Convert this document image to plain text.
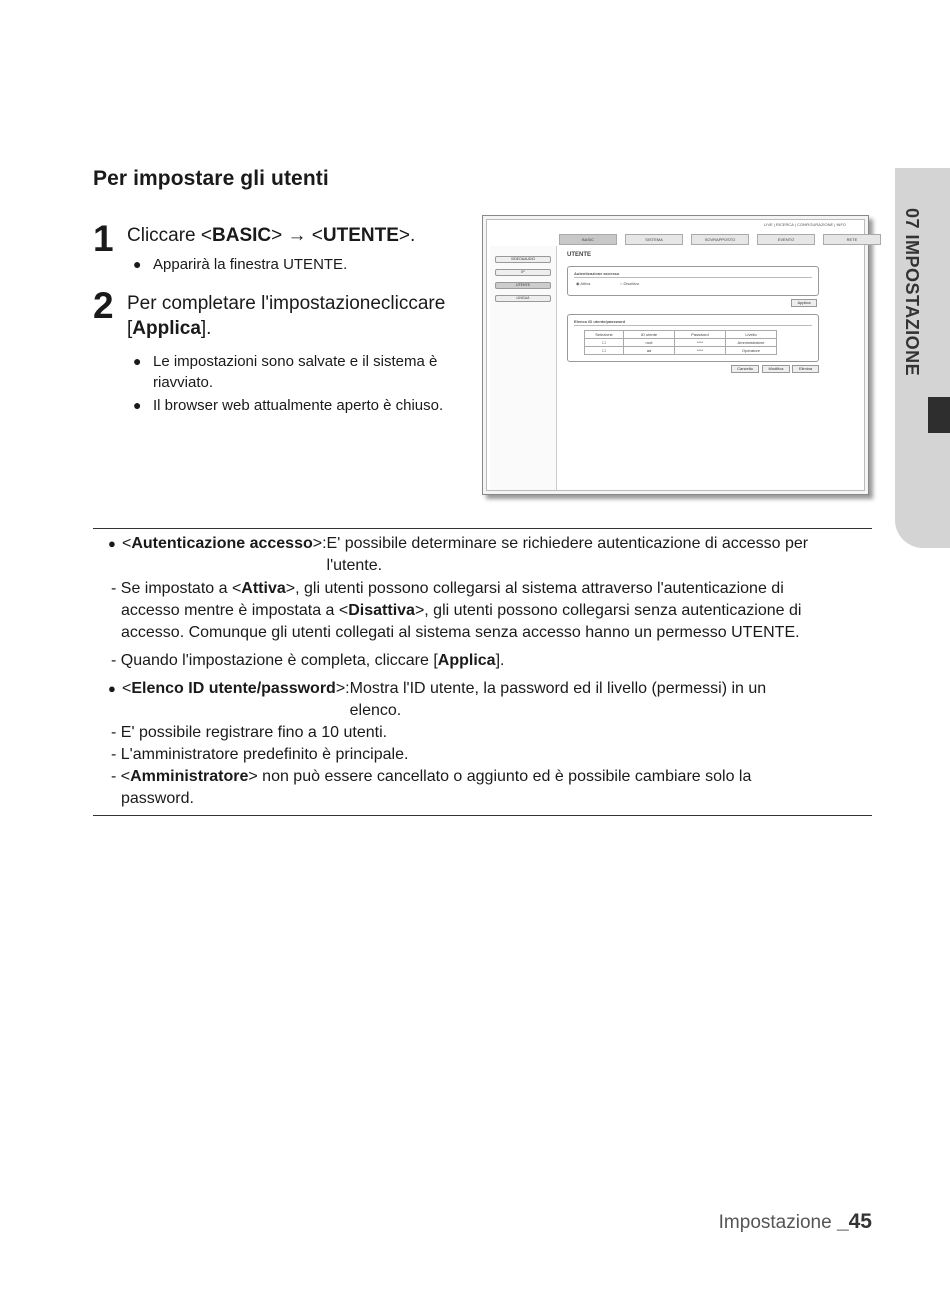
Per impostare gli utenti
1 Cliccare <BASIC> → <UTENTE>.
● Apparirà la finestra UTENTE.
2 Per completare l'impostazionecliccare
[Applica].
● Le impostazioni sono salvate e il sistema è
riavviato.
● Il browser web attualmente aperto è chiuso.
LIVE | RICERCA | CONFIGURAZIONE | INFO
BASIC	SISTEMA	SOVRAPPOSTO	EVENTO	RETE
VIDEO&AUDIO
IP
UTENTE
LINGUA
UTENTE
Autenticazione accesso
◉ Attiva	○ Disattiva
Applica
Elenco ID utente/password
Selezione	ID utente	Password	Livello
☐	root	****	Amministratore
☐	ad	****	Operatore
Cancella	Modifica	Elimina	07 IMPOSTAZIONE
● <Autenticazione accesso>: E' possibile determinare se richiedere autenticazione di accesso per
l'utente.
- Se impostato a <Attiva>, gli utenti possono collegarsi al sistema attraverso l'autenticazione di
accesso mentre è impostata a <Disattiva>, gli utenti possono collegarsi senza autenticazione di
accesso. Comunque gli utenti collegati al sistema senza accesso hanno un permesso UTENTE.
- Quando l'impostazione è completa, cliccare [Applica].
● <Elenco ID utente/password>: Mostra l'ID utente, la password ed il livello (permessi) in un
elenco.
- E' possibile registrare fino a 10 utenti.
- L'amministratore predefinito è principale.
- <Amministratore> non può essere cancellato o aggiunto ed è possibile cambiare solo la
password.
Impostazione _45
